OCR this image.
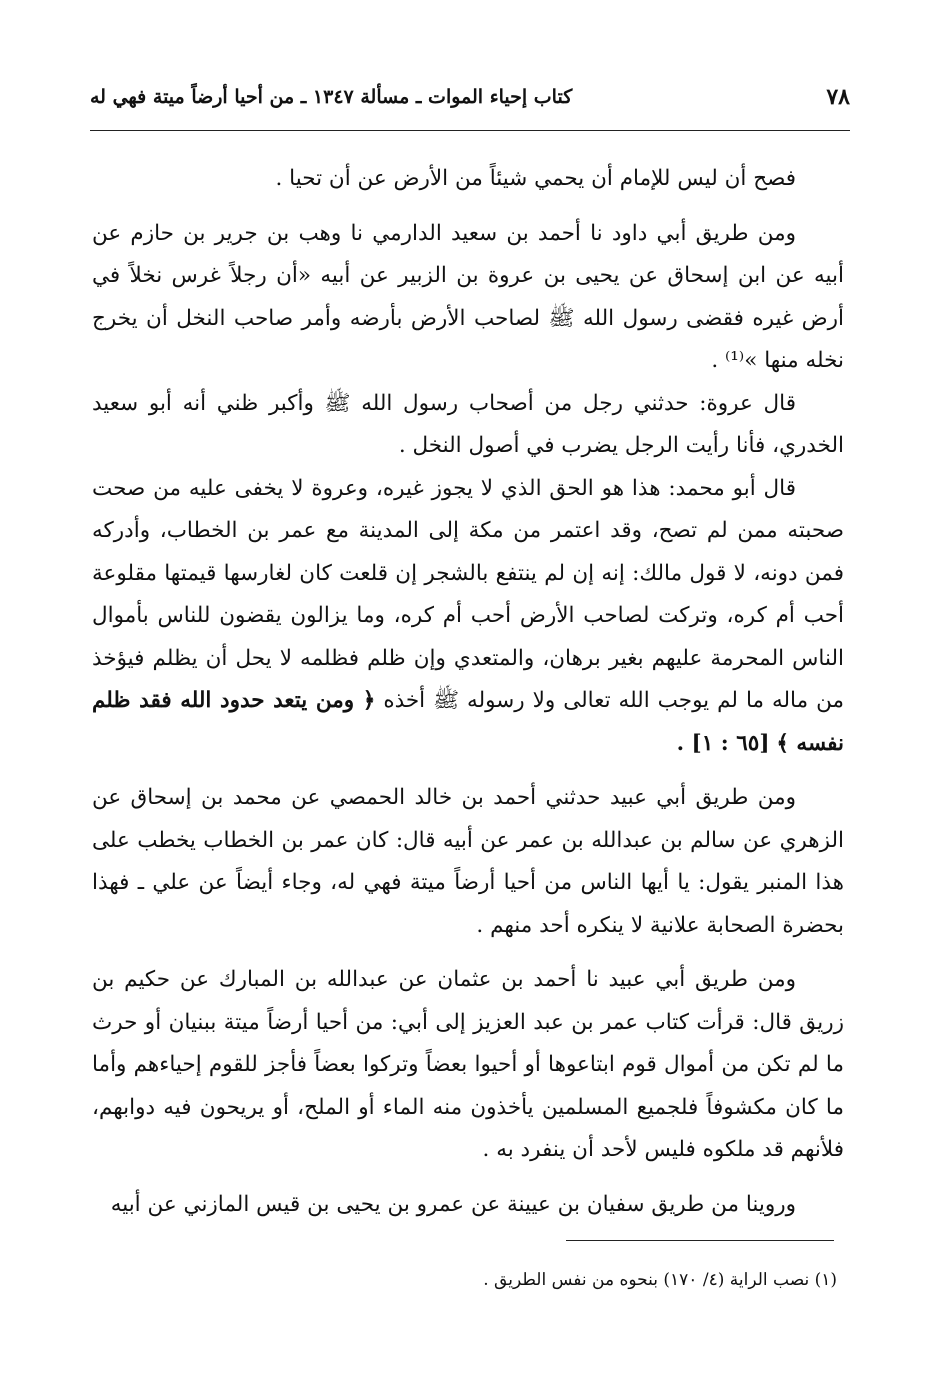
٧٨
كتاب إحياء الموات ـ مسألة ١٣٤٧ ـ من أحيا أرضاً ميتة فهي له

فصح أن ليس للإمام أن يحمي شيئاً من الأرض عن أن تحيا .

ومن طريق أبي داود نا أحمد بن سعيد الدارمي نا وهب بن جرير بن حازم عن أبيه عن ابن إسحاق عن يحيى بن عروة بن الزبير عن أبيه «أن رجلاً غرس نخلاً في أرض غيره فقضى رسول الله ﷺ لصاحب الأرض بأرضه وأمر صاحب النخل أن يخرج نخله منها »⁽¹⁾ .

قال عروة: حدثني رجل من أصحاب رسول الله ﷺ وأكبر ظني أنه أبو سعيد الخدري، فأنا رأيت الرجل يضرب في أصول النخل .

قال أبو محمد: هذا هو الحق الذي لا يجوز غيره، وعروة لا يخفى عليه من صحت صحبته ممن لم تصح، وقد اعتمر من مكة إلى المدينة مع عمر بن الخطاب، وأدركه فمن دونه، لا قول مالك: إنه إن لم ينتفع بالشجر إن قلعت كان لغارسها قيمتها مقلوعة أحب أم كره، وتركت لصاحب الأرض أحب أم كره، وما يزالون يقضون للناس بأموال الناس المحرمة عليهم بغير برهان، والمتعدي وإن ظلم فظلمه لا يحل أن يظلم فيؤخذ من ماله ما لم يوجب الله تعالى ولا رسوله ﷺ أخذه ﴿ ومن يتعد حدود الله فقد ظلم نفسه ﴾ [٦٥ : ١] .

ومن طريق أبي عبيد حدثني أحمد بن خالد الحمصي عن محمد بن إسحاق عن الزهري عن سالم بن عبدالله بن عمر عن أبيه قال: كان عمر بن الخطاب يخطب على هذا المنبر يقول: يا أيها الناس من أحيا أرضاً ميتة فهي له، وجاء أيضاً عن علي ـ فهذا بحضرة الصحابة علانية لا ينكره أحد منهم .

ومن طريق أبي عبيد نا أحمد بن عثمان عن عبدالله بن المبارك عن حكيم بن زريق قال: قرأت كتاب عمر بن عبد العزيز إلى أبي: من أحيا أرضاً ميتة ببنيان أو حرث ما لم تكن من أموال قوم ابتاعوها أو أحيوا بعضاً وتركوا بعضاً فأجز للقوم إحياءهم وأما ما كان مكشوفاً فلجميع المسلمين يأخذون منه الماء أو الملح، أو يريحون فيه دوابهم، فلأنهم قد ملكوه فليس لأحد أن ينفرد به .

وروينا من طريق سفيان بن عيينة عن عمرو بن يحيى بن قيس المازني عن أبيه

(١) نصب الراية (٤/ ١٧٠) بنحوه من نفس الطريق .
